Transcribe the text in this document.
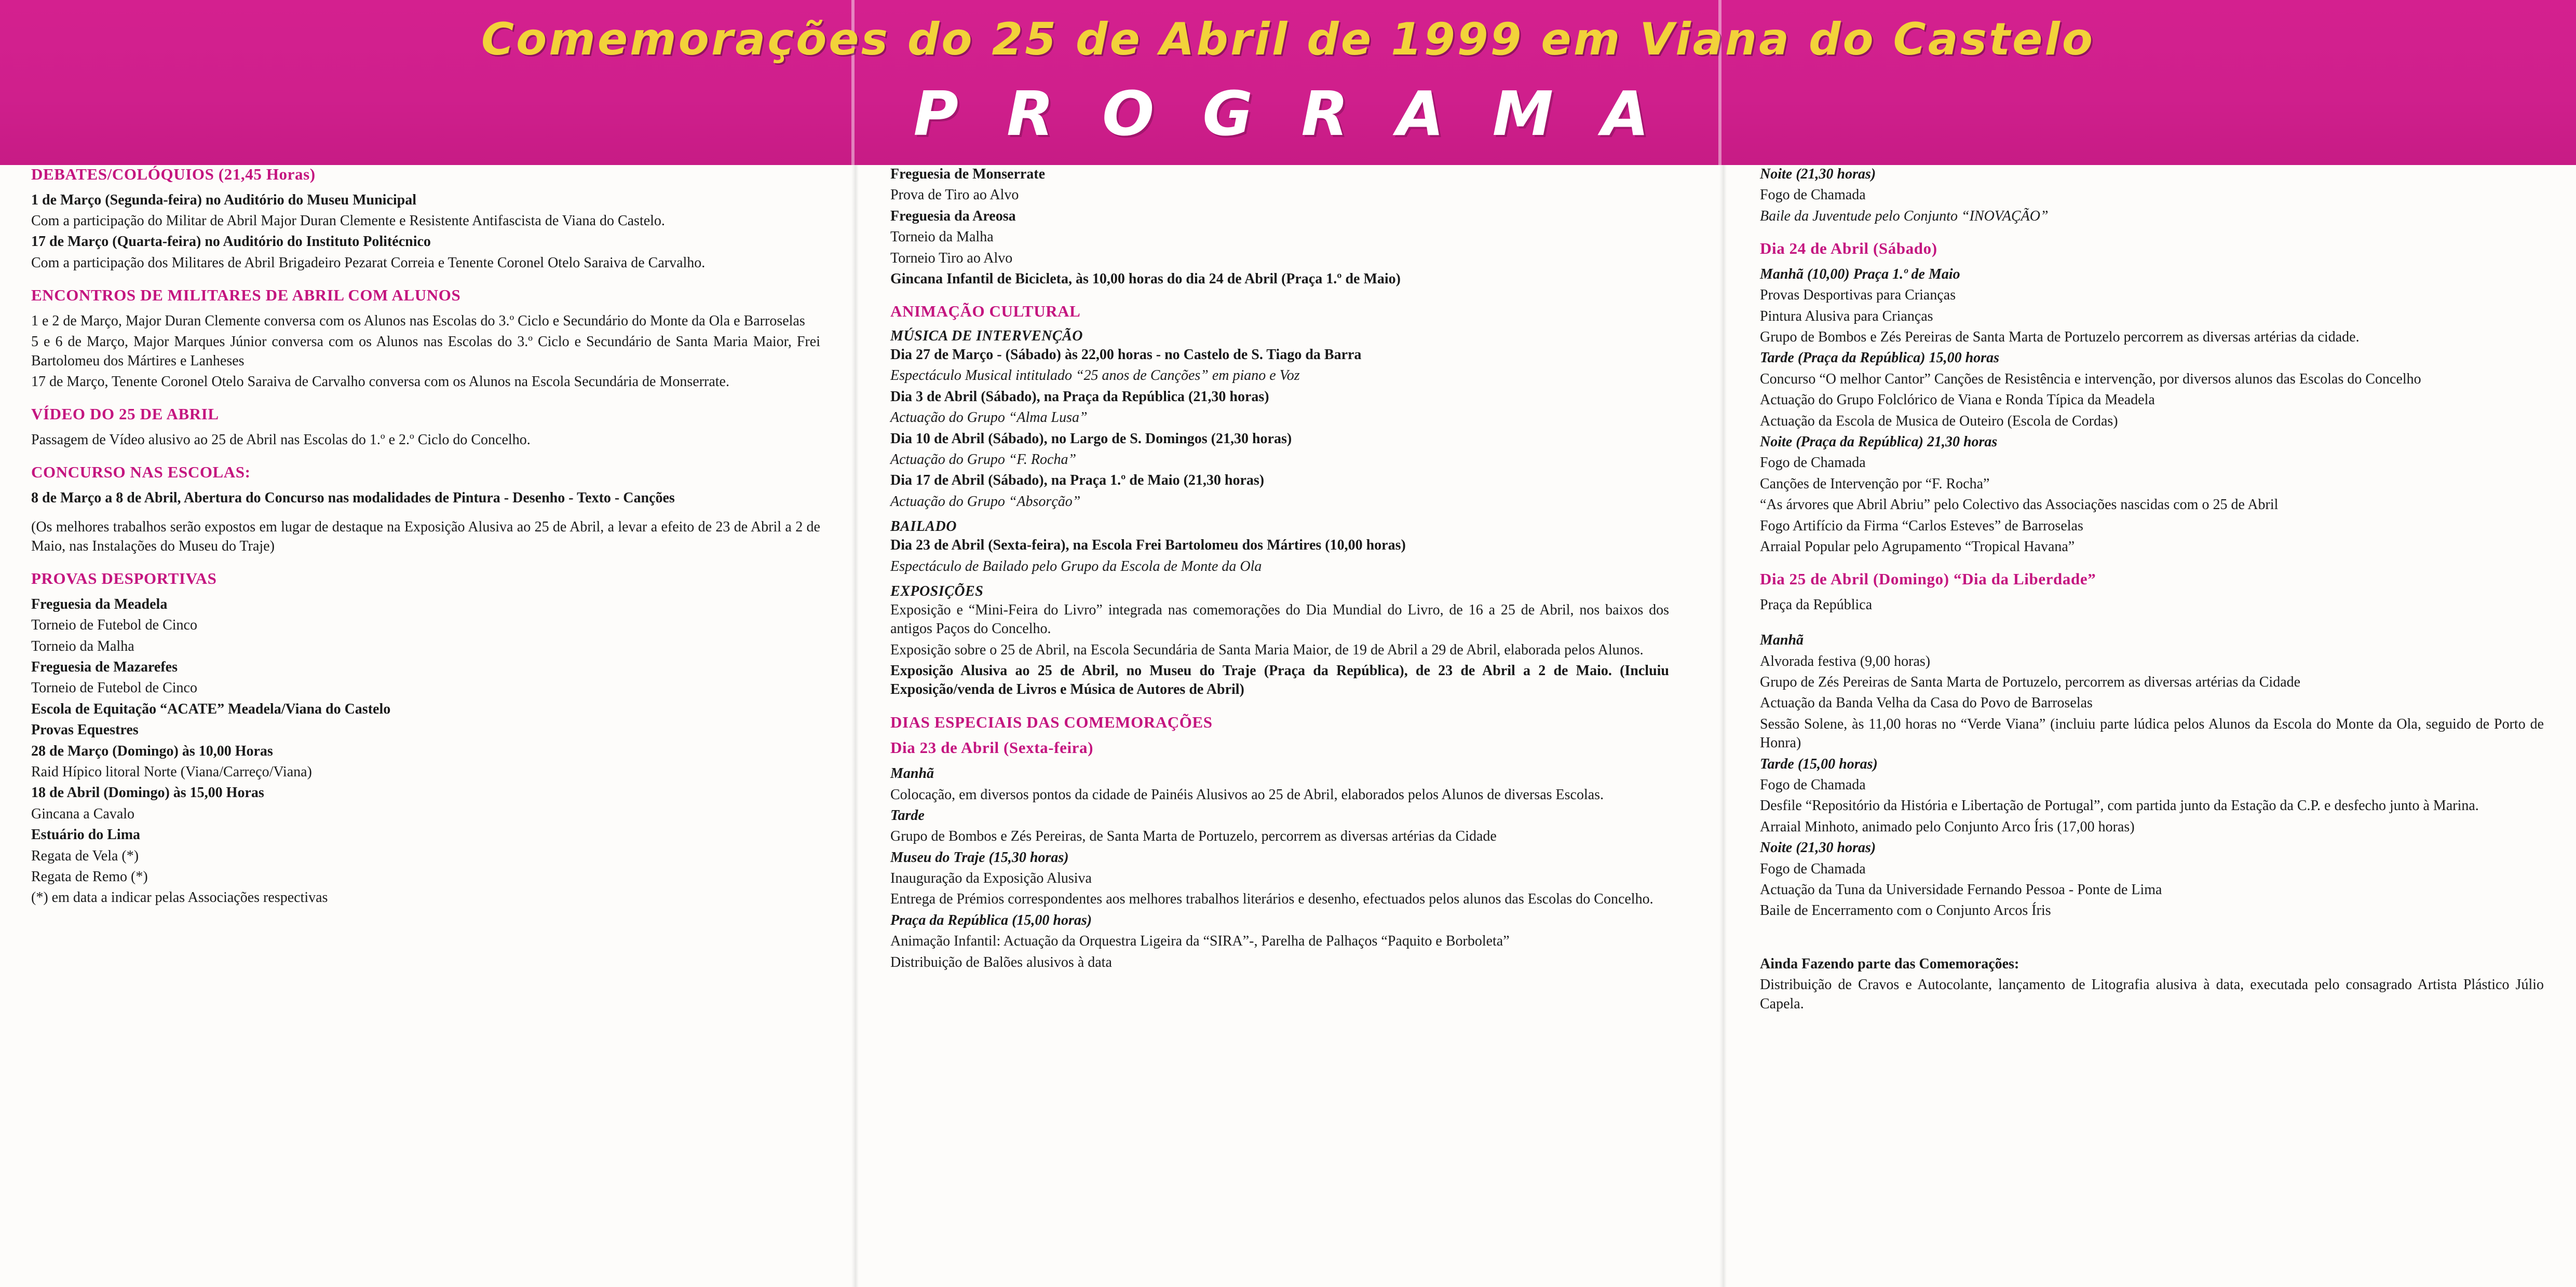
Comemorações do 25 de Abril de 1999 em Viana do Castelo
P R O G R A M A
DEBATES/COLÓQUIOS (21,45 Horas)

1 de Março (Segunda-feira) no Auditório do Museu Municipal

Com a participação do Militar de Abril Major Duran Clemente e Resistente Antifascista de Viana do Castelo.

17 de Março (Quarta-feira) no Auditório do Instituto Politécnico

Com a participação dos Militares de Abril Brigadeiro Pezarat Correia e Tenente Coronel Otelo Saraiva de Carvalho.

ENCONTROS DE MILITARES DE ABRIL COM ALUNOS

1 e 2 de Março, Major Duran Clemente conversa com os Alunos nas Escolas do 3.º Ciclo e Secundário do Monte da Ola e Barroselas

5 e 6 de Março, Major Marques Júnior conversa com os Alunos nas Escolas do 3.º Ciclo e Secundário de Santa Maria Maior, Frei Bartolomeu dos Mártires e Lanheses

17 de Março, Tenente Coronel Otelo Saraiva de Carvalho conversa com os Alunos na Escola Secundária de Monserrate.

VÍDEO DO 25 DE ABRIL

Passagem de Vídeo alusivo ao 25 de Abril nas Escolas do 1.º e 2.º Ciclo do Concelho.

CONCURSO NAS ESCOLAS:

8 de Março a 8 de Abril, Abertura do Concurso nas modalidades de Pintura - Desenho - Texto - Canções

(Os melhores trabalhos serão expostos em lugar de destaque na Exposição Alusiva ao 25 de Abril, a levar a efeito de 23 de Abril a 2 de Maio, nas Instalações do Museu do Traje)

PROVAS DESPORTIVAS

Freguesia da Meadela

Torneio de Futebol de Cinco

Torneio da Malha

Freguesia de Mazarefes

Torneio de Futebol de Cinco

Escola de Equitação “ACATE” Meadela/Viana do Castelo

Provas Equestres

28 de Março (Domingo) às 10,00 Horas

Raid Hípico litoral Norte (Viana/Carreço/Viana)

18 de Abril (Domingo) às 15,00 Horas

Gincana a Cavalo

Estuário do Lima

Regata de Vela (*)

Regata de Remo (*)

(*) em data a indicar pelas Associações respectivas

Freguesia de Monserrate

Prova de Tiro ao Alvo

Freguesia da Areosa

Torneio da Malha

Torneio Tiro ao Alvo

Gincana Infantil de Bicicleta, às 10,00 horas do dia 24 de Abril (Praça 1.º de Maio)

ANIMAÇÃO CULTURAL
MÚSICA DE INTERVENÇÃO

Dia 27 de Março - (Sábado) às 22,00 horas - no Castelo de S. Tiago da Barra

Espectáculo Musical intitulado “25 anos de Canções” em piano e Voz

Dia 3 de Abril (Sábado), na Praça da República (21,30 horas)

Actuação do Grupo “Alma Lusa”

Dia 10 de Abril (Sábado), no Largo de S. Domingos (21,30 horas)

Actuação do Grupo “F. Rocha”

Dia 17 de Abril (Sábado), na Praça 1.º de Maio (21,30 horas)

Actuação do Grupo “Absorção”

BAILADO

Dia 23 de Abril (Sexta-feira), na Escola Frei Bartolomeu dos Mártires (10,00 horas)

Espectáculo de Bailado pelo Grupo da Escola de Monte da Ola

EXPOSIÇÕES

Exposição e “Mini-Feira do Livro” integrada nas comemorações do Dia Mundial do Livro, de 16 a 25 de Abril, nos baixos dos antigos Paços do Concelho.

Exposição sobre o 25 de Abril, na Escola Secundária de Santa Maria Maior, de 19 de Abril a 29 de Abril, elaborada pelos Alunos.

Exposição Alusiva ao 25 de Abril, no Museu do Traje (Praça da República), de 23 de Abril a 2 de Maio. (Incluiu Exposição/venda de Livros e Música de Autores de Abril)

DIAS ESPECIAIS DAS COMEMORAÇÕES
Dia 23 de Abril (Sexta-feira)

Manhã

Colocação, em diversos pontos da cidade de Painéis Alusivos ao 25 de Abril, elaborados pelos Alunos de diversas Escolas.

Tarde

Grupo de Bombos e Zés Pereiras, de Santa Marta de Portuzelo, percorrem as diversas artérias da Cidade

Museu do Traje (15,30 horas)

Inauguração da Exposição Alusiva

Entrega de Prémios correspondentes aos melhores trabalhos literários e desenho, efectuados pelos alunos das Escolas do Concelho.

Praça da República (15,00 horas)

Animação Infantil: Actuação da Orquestra Ligeira da “SIRA”-, Parelha de Palhaços “Paquito e Borboleta”

Distribuição de Balões alusivos à data

Noite (21,30 horas)

Fogo de Chamada

Baile da Juventude pelo Conjunto “INOVAÇÃO”

Dia 24 de Abril (Sábado)

Manhã (10,00) Praça 1.º de Maio

Provas Desportivas para Crianças

Pintura Alusiva para Crianças

Grupo de Bombos e Zés Pereiras de Santa Marta de Portuzelo percorrem as diversas artérias da cidade.

Tarde (Praça da República) 15,00 horas

Concurso “O melhor Cantor” Canções de Resistência e intervenção, por diversos alunos das Escolas do Concelho

Actuação do Grupo Folclórico de Viana e Ronda Típica da Meadela

Actuação da Escola de Musica de Outeiro (Escola de Cordas)

Noite (Praça da República) 21,30 horas

Fogo de Chamada

Canções de Intervenção por “F. Rocha”

“As árvores que Abril Abriu” pelo Colectivo das Associações nascidas com o 25 de Abril

Fogo Artifício da Firma “Carlos Esteves” de Barroselas

Arraial Popular pelo Agrupamento “Tropical Havana”

Dia 25 de Abril (Domingo) “Dia da Liberdade”

Praça da República

Manhã

Alvorada festiva (9,00 horas)

Grupo de Zés Pereiras de Santa Marta de Portuzelo, percorrem as diversas artérias da Cidade

Actuação da Banda Velha da Casa do Povo de Barroselas

Sessão Solene, às 11,00 horas no “Verde Viana” (incluiu parte lúdica pelos Alunos da Escola do Monte da Ola, seguido de Porto de Honra)

Tarde (15,00 horas)

Fogo de Chamada

Desfile “Repositório da História e Libertação de Portugal”, com partida junto da Estação da C.P. e desfecho junto à Marina.

Arraial Minhoto, animado pelo Conjunto Arco Íris (17,00 horas)

Noite (21,30 horas)

Fogo de Chamada

Actuação da Tuna da Universidade Fernando Pessoa - Ponte de Lima

Baile de Encerramento com o Conjunto Arcos Íris

Ainda Fazendo parte das Comemorações:

Distribuição de Cravos e Autocolante, lançamento de Litografia alusiva à data, executada pelo consagrado Artista Plástico Júlio Capela.
